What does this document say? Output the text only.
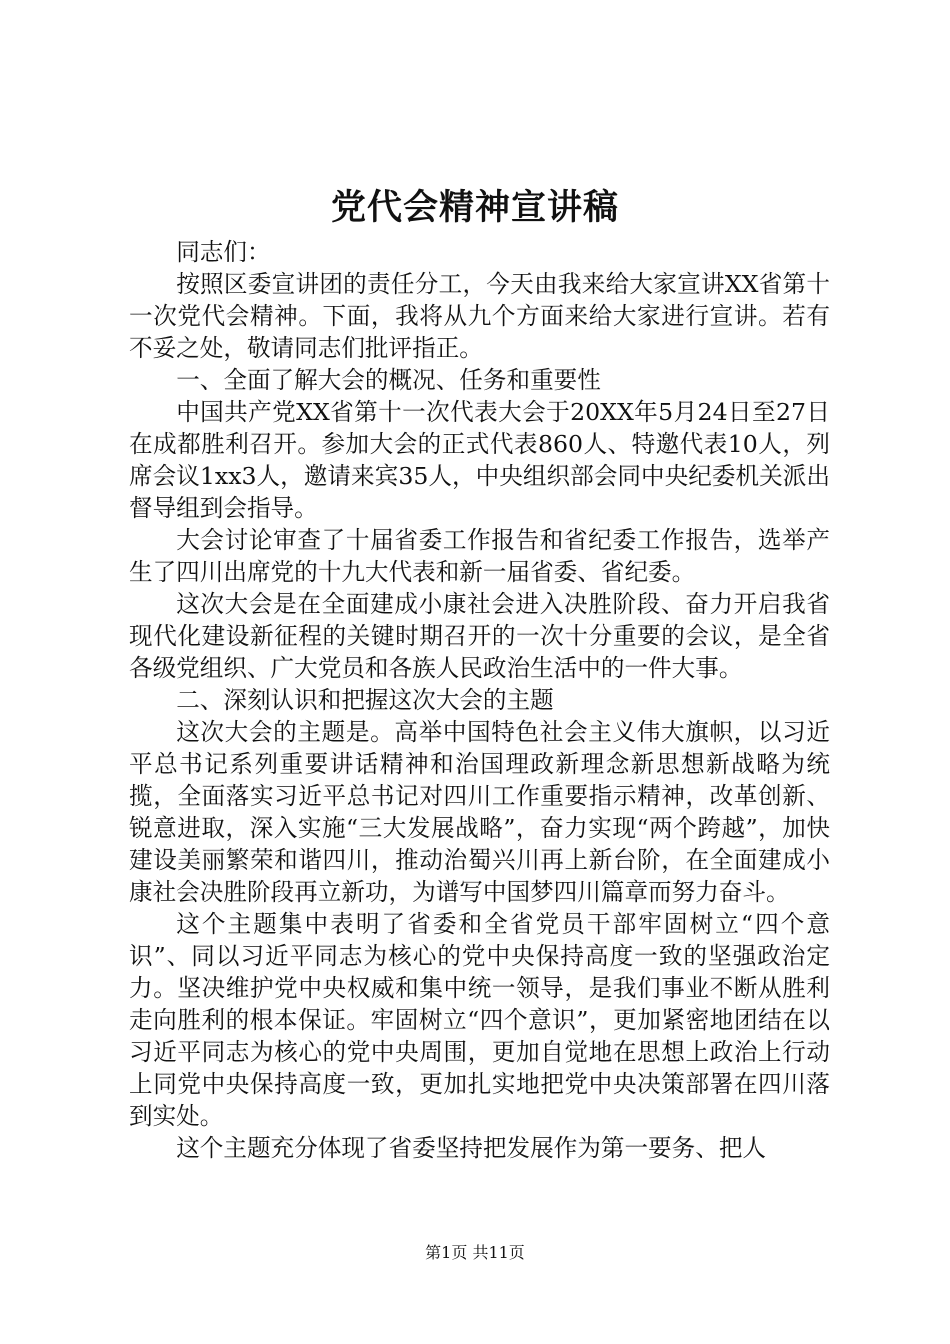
党代会精神宣讲稿

同志们：

按照区委宣讲团的责任分工，今天由我来给大家宣讲XX省第十一次党代会精神。下面，我将从九个方面来给大家进行宣讲。若有不妥之处，敬请同志们批评指正。

一、全面了解大会的概况、任务和重要性

中国共产党XX省第十一次代表大会于20XX年5月24日至27日在成都胜利召开。参加大会的正式代表860人、特邀代表10人，列席会议1xx3人，邀请来宾35人，中央组织部会同中央纪委机关派出督导组到会指导。

大会讨论审查了十届省委工作报告和省纪委工作报告，选举产生了四川出席党的十九大代表和新一届省委、省纪委。

这次大会是在全面建成小康社会进入决胜阶段、奋力开启我省现代化建设新征程的关键时期召开的一次十分重要的会议，是全省各级党组织、广大党员和各族人民政治生活中的一件大事。

二、深刻认识和把握这次大会的主题

这次大会的主题是。高举中国特色社会主义伟大旗帜，以习近平总书记系列重要讲话精神和治国理政新理念新思想新战略为统揽，全面落实习近平总书记对四川工作重要指示精神，改革创新、锐意进取，深入实施“三大发展战略”，奋力实现“两个跨越”，加快建设美丽繁荣和谐四川，推动治蜀兴川再上新台阶，在全面建成小康社会决胜阶段再立新功，为谱写中国梦四川篇章而努力奋斗。

这个主题集中表明了省委和全省党员干部牢固树立“四个意识”、同以习近平同志为核心的党中央保持高度一致的坚强政治定力。坚决维护党中央权威和集中统一领导，是我们事业不断从胜利走向胜利的根本保证。牢固树立“四个意识”，更加紧密地团结在以习近平同志为核心的党中央周围，更加自觉地在思想上政治上行动上同党中央保持高度一致，更加扎实地把党中央决策部署在四川落到实处。

这个主题充分体现了省委坚持把发展作为第一要务、把人

第1页 共11页
